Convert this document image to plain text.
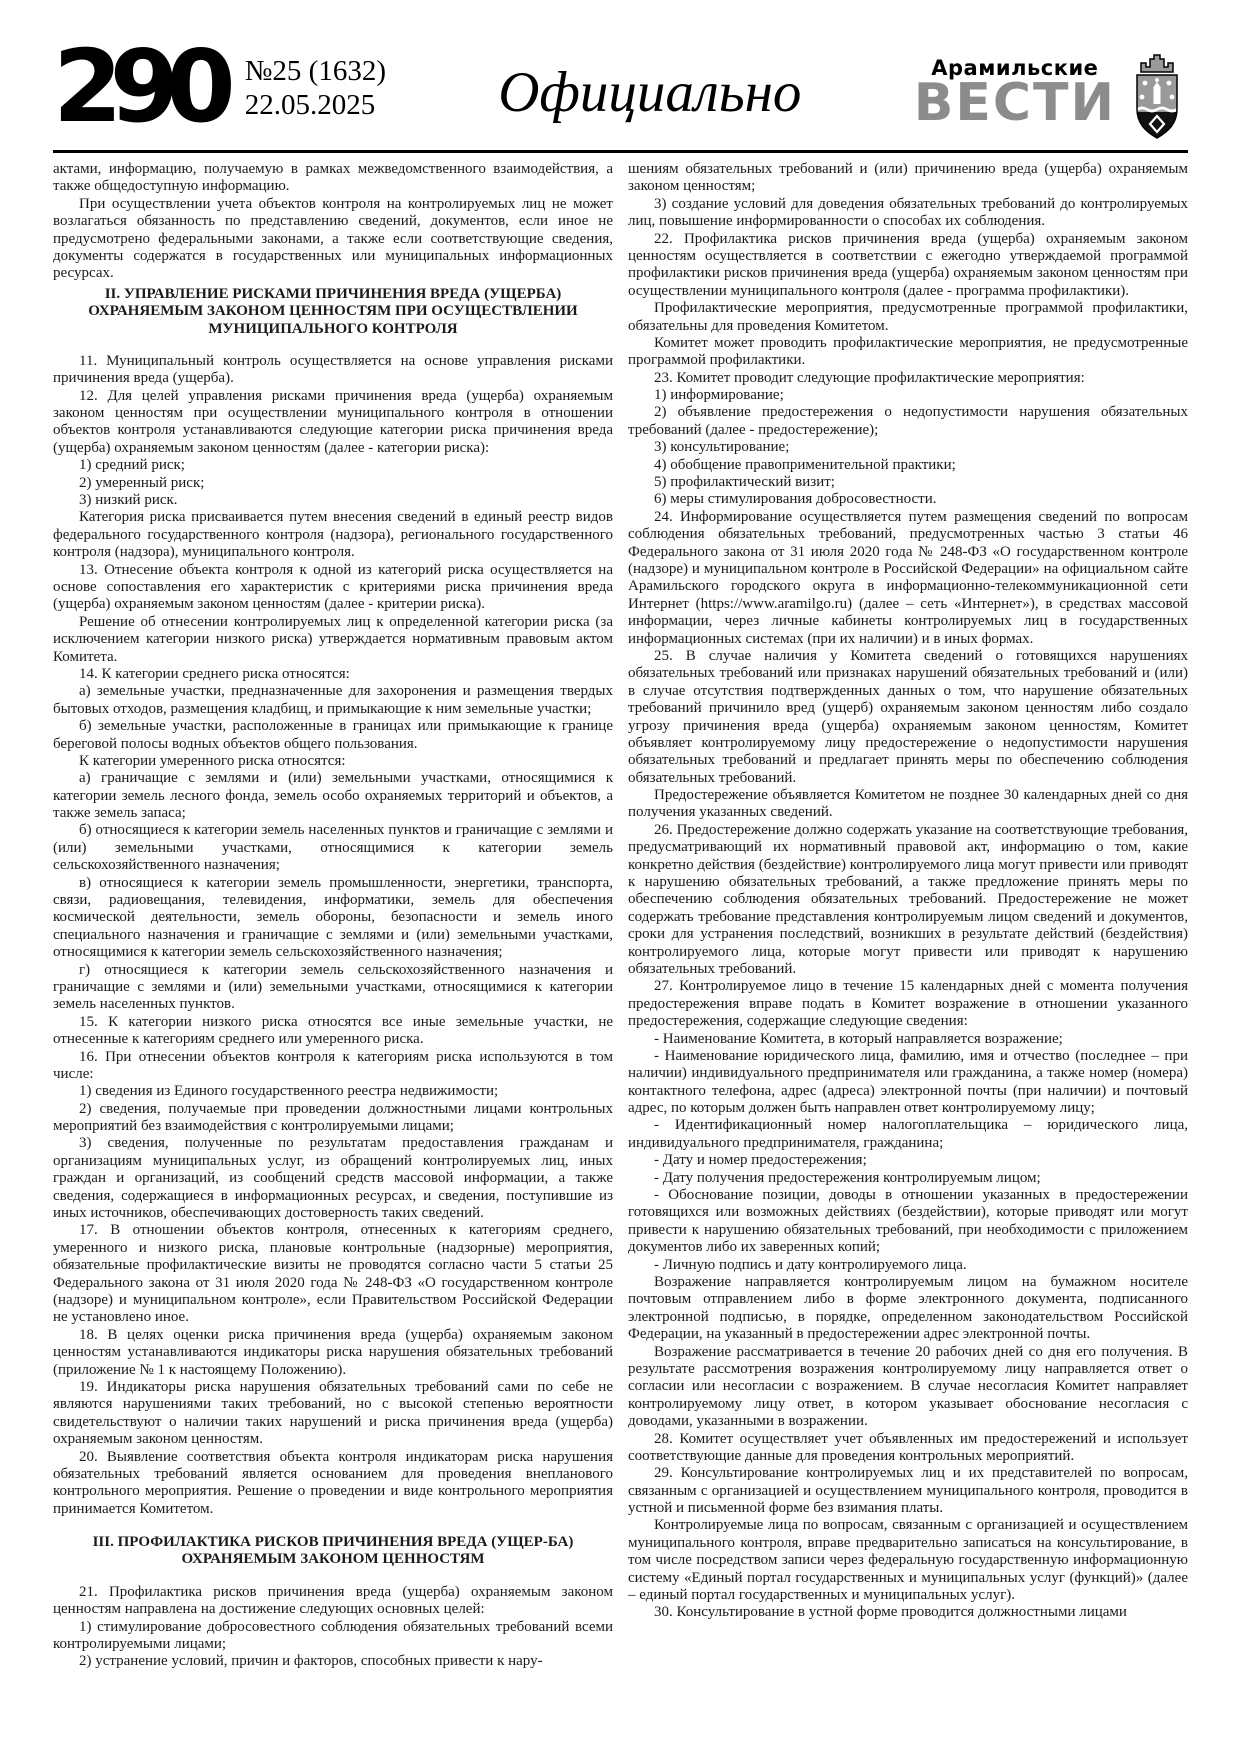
290 №25 (1632)
22.05.2025	Официально	Арамильские
ВЕСТИ

актами, информацию, получаемую в рамках межведомственного взаимодействия, а также общедоступную информацию.

При осуществлении учета объектов контроля на контролируемых лиц не может возлагаться обязанность по представлению сведений, документов, если иное не предусмотрено федеральными законами, а также если соответствующие сведения, документы содержатся в государственных или муниципальных информационных ресурсах.

II. УПРАВЛЕНИЕ РИСКАМИ ПРИЧИНЕНИЯ ВРЕДА (УЩЕРБА) ОХРАНЯЕМЫМ ЗАКОНОМ ЦЕННОСТЯМ ПРИ ОСУЩЕСТВЛЕНИИ МУНИЦИПАЛЬНОГО КОНТРОЛЯ

11. Муниципальный контроль осуществляется на основе управления рисками причинения вреда (ущерба).

12. Для целей управления рисками причинения вреда (ущерба) охраняемым законом ценностям при осуществлении муниципального контроля в отношении объектов контроля устанавливаются следующие категории риска причинения вреда (ущерба) охраняемым законом ценностям (далее - категории риска):

1) средний риск;

2) умеренный риск;

3) низкий риск.

Категория риска присваивается путем внесения сведений в единый реестр видов федерального государственного контроля (надзора), регионального государственного контроля (надзора), муниципального контроля.

13. Отнесение объекта контроля к одной из категорий риска осуществляется на основе сопоставления его характеристик с критериями риска причинения вреда (ущерба) охраняемым законом ценностям (далее - критерии риска).

Решение об отнесении контролируемых лиц к определенной категории риска (за исключением категории низкого риска) утверждается нормативным правовым актом Комитета.

14. К категории среднего риска относятся:

а) земельные участки, предназначенные для захоронения и размещения твердых бытовых отходов, размещения кладбищ, и примыкающие к ним земельные участки;

б) земельные участки, расположенные в границах или примыкающие к границе береговой полосы водных объектов общего пользования.

К категории умеренного риска относятся:

а) граничащие с землями и (или) земельными участками, относящимися к категории земель лесного фонда, земель особо охраняемых территорий и объектов, а также земель запаса;

б) относящиеся к категории земель населенных пунктов и граничащие с землями и (или) земельными участками, относящимися к категории земель сельскохозяйственного назначения;

в) относящиеся к категории земель промышленности, энергетики, транспорта, связи, радиовещания, телевидения, информатики, земель для обеспечения космической деятельности, земель обороны, безопасности и земель иного специального назначения и граничащие с землями и (или) земельными участками, относящимися к категории земель сельскохозяйственного назначения;

г) относящиеся к категории земель сельскохозяйственного назначения и граничащие с землями и (или) земельными участками, относящимися к категории земель населенных пунктов.

15. К категории низкого риска относятся все иные земельные участки, не отнесенные к категориям среднего или умеренного риска.

16. При отнесении объектов контроля к категориям риска используются в том числе:

1) сведения из Единого государственного реестра недвижимости;

2) сведения, получаемые при проведении должностными лицами контрольных мероприятий без взаимодействия с контролируемыми лицами;

3) сведения, полученные по результатам предоставления гражданам и организациям муниципальных услуг, из обращений контролируемых лиц, иных граждан и организаций, из сообщений средств массовой информации, а также сведения, содержащиеся в информационных ресурсах, и сведения, поступившие из иных источников, обеспечивающих достоверность таких сведений.

17. В отношении объектов контроля, отнесенных к категориям среднего, умеренного и низкого риска, плановые контрольные (надзорные) мероприятия, обязательные профилактические визиты не проводятся согласно части 5 статьи 25 Федерального закона от 31 июля 2020 года № 248-ФЗ «О государственном контроле (надзоре) и муниципальном контроле», если Правительством Российской Федерации не установлено иное.

18. В целях оценки риска причинения вреда (ущерба) охраняемым законом ценностям устанавливаются индикаторы риска нарушения обязательных требований (приложение № 1 к настоящему Положению).

19. Индикаторы риска нарушения обязательных требований сами по себе не являются нарушениями таких требований, но с высокой степенью вероятности свидетельствуют о наличии таких нарушений и риска причинения вреда (ущерба) охраняемым законом ценностям.

20. Выявление соответствия объекта контроля индикаторам риска нарушения обязательных требований является основанием для проведения внепланового контрольного мероприятия. Решение о проведении и виде контрольного мероприятия принимается Комитетом.

III. ПРОФИЛАКТИКА РИСКОВ ПРИЧИНЕНИЯ ВРЕДА (УЩЕР-БА)

ОХРАНЯЕМЫМ ЗАКОНОМ ЦЕННОСТЯМ

21. Профилактика рисков причинения вреда (ущерба) охраняемым законом ценностям направлена на достижение следующих основных целей:

1) стимулирование добросовестного соблюдения обязательных требований всеми контролируемыми лицами;

2) устранение условий, причин и факторов, способных привести к нару-

шениям обязательных требований и (или) причинению вреда (ущерба) охраняемым законом ценностям;

3) создание условий для доведения обязательных требований до контролируемых лиц, повышение информированности о способах их соблюдения.

22. Профилактика рисков причинения вреда (ущерба) охраняемым законом ценностям осуществляется в соответствии с ежегодно утверждаемой программой профилактики рисков причинения вреда (ущерба) охраняемым законом ценностям при осуществлении муниципального контроля (далее - программа профилактики).

Профилактические мероприятия, предусмотренные программой профилактики, обязательны для проведения Комитетом.

Комитет может проводить профилактические мероприятия, не предусмотренные программой профилактики.

23. Комитет проводит следующие профилактические мероприятия:

1) информирование;

2) объявление предостережения о недопустимости нарушения обязательных требований (далее - предостережение);

3) консультирование;

4) обобщение правоприменительной практики;

5) профилактический визит;

6) меры стимулирования добросовестности.

24. Информирование осуществляется путем размещения сведений по вопросам соблюдения обязательных требований, предусмотренных частью 3 статьи 46 Федерального закона от 31 июля 2020 года № 248-ФЗ «О государственном контроле (надзоре) и муниципальном контроле в Российской Федерации» на официальном сайте Арамильского городского округа в информационно-телекоммуникационной сети Интернет (https://www.aramilgo.ru) (далее – сеть «Интернет»), в средствах массовой информации, через личные кабинеты контролируемых лиц в государственных информационных системах (при их наличии) и в иных формах.

25. В случае наличия у Комитета сведений о готовящихся нарушениях обязательных требований или признаках нарушений обязательных требований и (или) в случае отсутствия подтвержденных данных о том, что нарушение обязательных требований причинило вред (ущерб) охраняемым законом ценностям либо создало угрозу причинения вреда (ущерба) охраняемым законом ценностям, Комитет объявляет контролируемому лицу предостережение о недопустимости нарушения обязательных требований и предлагает принять меры по обеспечению соблюдения обязательных требований.

Предостережение объявляется Комитетом не позднее 30 календарных дней со дня получения указанных сведений.

26. Предостережение должно содержать указание на соответствующие требования, предусматривающий их нормативный правовой акт, информацию о том, какие конкретно действия (бездействие) контролируемого лица могут привести или приводят к нарушению обязательных требований, а также предложение принять меры по обеспечению соблюдения обязательных требований. Предостережение не может содержать требование представления контролируемым лицом сведений и документов, сроки для устранения последствий, возникших в результате действий (бездействия) контролируемого лица, которые могут привести или приводят к нарушению обязательных требований.

27. Контролируемое лицо в течение 15 календарных дней с момента получения предостережения вправе подать в Комитет возражение в отношении указанного предостережения, содержащие следующие сведения:

- Наименование Комитета, в который направляется возражение;

- Наименование юридического лица, фамилию, имя и отчество (последнее – при наличии) индивидуального предпринимателя или гражданина, а также номер (номера) контактного телефона, адрес (адреса) электронной почты (при наличии) и почтовый адрес, по которым должен быть направлен ответ контролируемому лицу;

- Идентификационный номер налогоплательщика – юридического лица, индивидуального предпринимателя, гражданина;

- Дату и номер предостережения;

- Дату получения предостережения контролируемым лицом;

- Обоснование позиции, доводы в отношении указанных в предостережении готовящихся или возможных действиях (бездействии), которые приводят или могут привести к нарушению обязательных требований, при необходимости с приложением документов либо их заверенных копий;

- Личную подпись и дату контролируемого лица.

Возражение направляется контролируемым лицом на бумажном носителе почтовым отправлением либо в форме электронного документа, подписанного электронной подписью, в порядке, определенном законодательством Российской Федерации, на указанный в предостережении адрес электронной почты.

Возражение рассматривается в течение 20 рабочих дней со дня его получения. В результате рассмотрения возражения контролируемому лицу направляется ответ о согласии или несогласии с возражением. В случае несогласия Комитет направляет контролируемому лицу ответ, в котором указывает обоснование несогласия с доводами, указанными в возражении.

28. Комитет осуществляет учет объявленных им предостережений и использует соответствующие данные для проведения контрольных мероприятий.

29. Консультирование контролируемых лиц и их представителей по вопросам, связанным с организацией и осуществлением муниципального контроля, проводится в устной и письменной форме без взимания платы.

Контролируемые лица по вопросам, связанным с организацией и осуществлением муниципального контроля, вправе предварительно записаться на консультирование, в том числе посредством записи через федеральную государственную информационную систему «Единый портал государственных и муниципальных услуг (функций)» (далее – единый портал государственных и муниципальных услуг).

30. Консультирование в устной форме проводится должностными лицами
